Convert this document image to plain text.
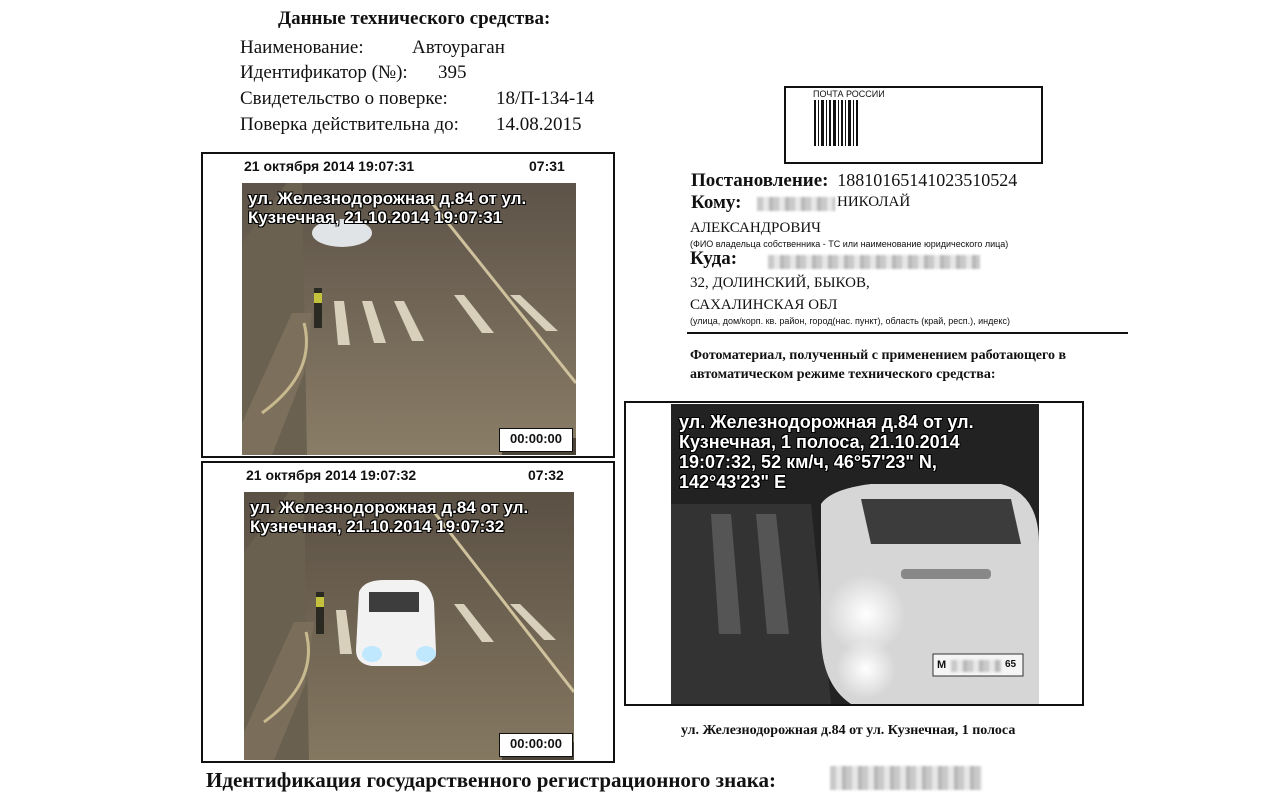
Данные технического средства:
Наименование:	Автоураган
Идентификатор (№): 395
Свидетельство о поверке:	18/П-134-14
Поверка действительна до: 14.08.2015
21 октября 2014 19:07:31	07:31
ул. Железнодорожная д.84 от ул.
Кузнечная, 21.10.2014 19:07:31
00:00:00
21 октября 2014 19:07:32	07:32
ул. Железнодорожная д.84 от ул.
Кузнечная, 21.10.2014 19:07:32
00:00:00
ПОЧТА РОССИИ
Постановление: 18810165141023510524
Кому:	НИКОЛАЙ
АЛЕКСАНДРОВИЧ
(ФИО владельца собственника - ТС или наименование юридического лица)
Куда:
32, ДОЛИНСКИЙ, БЫКОВ,
САХАЛИНСКАЯ ОБЛ
(улица, дом/корп. кв. район, город(нас. пункт), область (край, респ.), индекс)
Фотоматериал, полученный с применением работающего в автоматическом режиме технического средства:
ул. Железнодорожная д.84 от ул.
Кузнечная, 1 полоса, 21.10.2014
19:07:32, 52 км/ч, 46°57'23" N,
142°43'23" E
М	65
ул. Железнодорожная д.84 от ул. Кузнечная, 1 полоса
Идентификация государственного регистрационного знака:
